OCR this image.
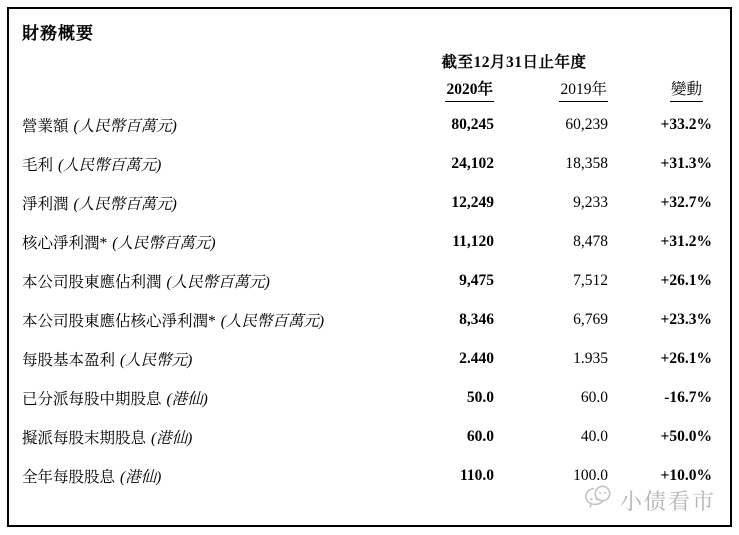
財務概要
	截至12月31日止年度		
	2020年	2019年	變動
營業額 (人民幣百萬元)	80,245	60,239	+33.2%
毛利 (人民幣百萬元)	24,102	18,358	+31.3%
淨利潤 (人民幣百萬元)	12,249	9,233	+32.7%
核心淨利潤* (人民幣百萬元)	11,120	8,478	+31.2%
本公司股東應佔利潤 (人民幣百萬元)	9,475	7,512	+26.1%
本公司股東應佔核心淨利潤* (人民幣百萬元)	8,346	6,769	+23.3%
每股基本盈利 (人民幣元)	2.440	1.935	+26.1%
已分派每股中期股息 (港仙)	50.0	60.0	-16.7%
擬派每股末期股息 (港仙)	60.0	40.0	+50.0%
全年每股股息 (港仙)	110.0	100.0	+10.0%
小债看市
